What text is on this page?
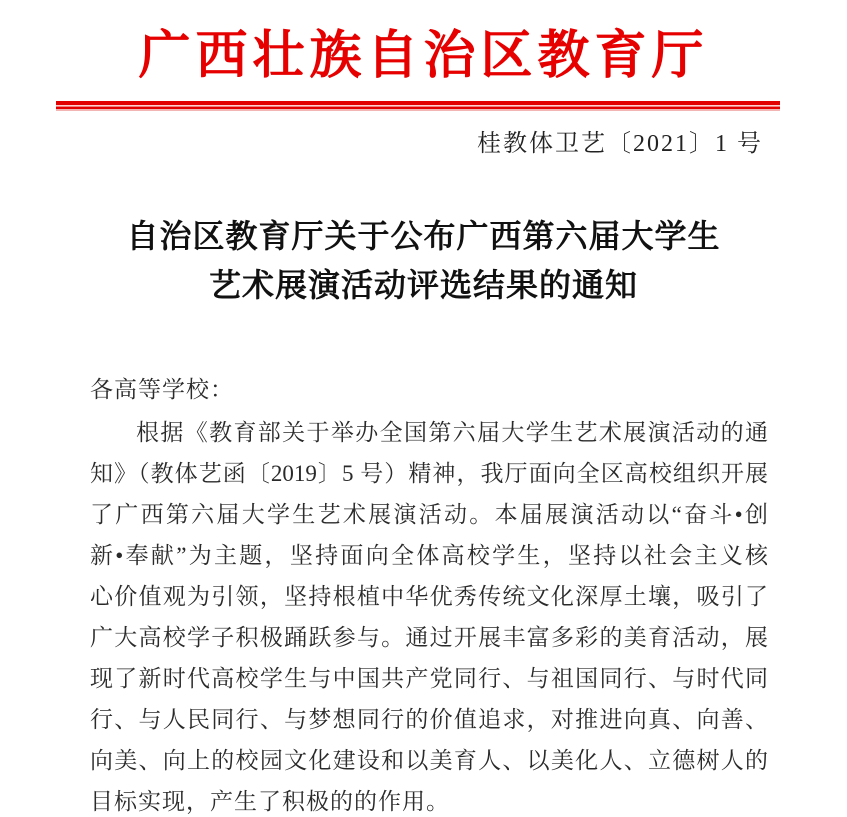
广西壮族自治区教育厅
桂教体卫艺〔2021〕1 号
自治区教育厅关于公布广西第六届大学生
艺术展演活动评选结果的通知
各高等学校：
根据《教育部关于举办全国第六届大学生艺术展演活动的通
知》（教体艺函〔2019〕5 号）精神，我厅面向全区高校组织开展
了广西第六届大学生艺术展演活动。本届展演活动以“奋斗•创
新•奉献”为主题，坚持面向全体高校学生，坚持以社会主义核
心价值观为引领，坚持根植中华优秀传统文化深厚土壤，吸引了
广大高校学子积极踊跃参与。通过开展丰富多彩的美育活动，展
现了新时代高校学生与中国共产党同行、与祖国同行、与时代同
行、与人民同行、与梦想同行的价值追求，对推进向真、向善、
向美、向上的校园文化建设和以美育人、以美化人、立德树人的
目标实现，产生了积极的的作用。
